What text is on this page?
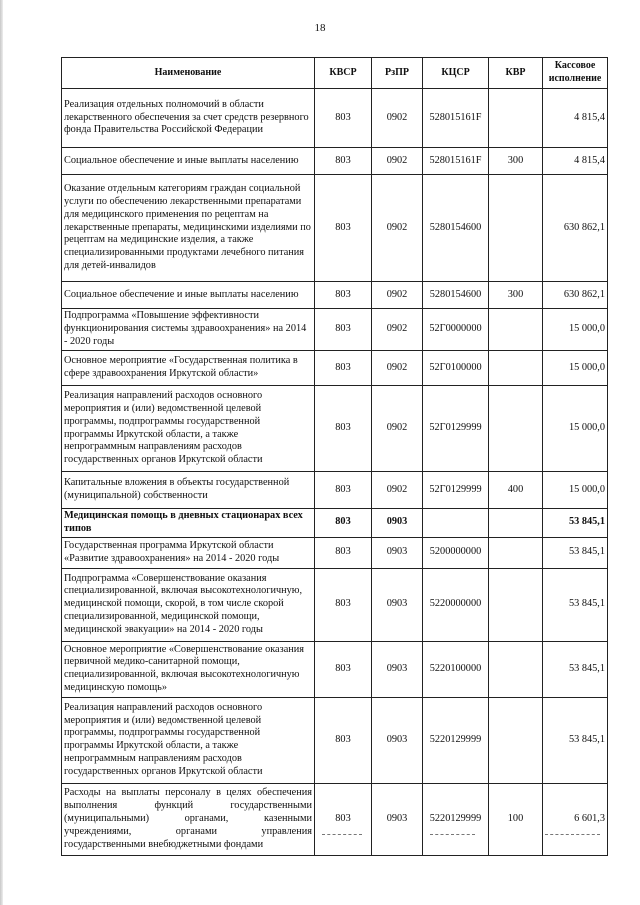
18
Наименование	КВСР	РзПР	КЦСР	КВР	Кассовое исполнение
Реализация отдельных полномочий в области лекарственного обеспечения за счет средств резервного фонда Правительства Российской Федерации	803	0902	528015161F		4 815,4
Социальное обеспечение и иные выплаты населению	803	0902	528015161F	300	4 815,4
Оказание отдельным категориям граждан социальной услуги по обеспечению лекарственными препаратами для медицинского применения по рецептам на лекарственные препараты, медицинскими изделиями по рецептам на медицинские изделия, а также специализированными продуктами лечебного питания для детей-инвалидов	803	0902	5280154600		630 862,1
Социальное обеспечение и иные выплаты населению	803	0902	5280154600	300	630 862,1
Подпрограмма «Повышение эффективности функционирования системы здравоохранения» на 2014 - 2020 годы	803	0902	52Г0000000		15 000,0
Основное мероприятие «Государственная политика в сфере здравоохранения Иркутской области»	803	0902	52Г0100000		15 000,0
Реализация направлений расходов основного мероприятия и (или) ведомственной целевой программы, подпрограммы государственной программы Иркутской области, а также непрограммным направлениям расходов государственных органов Иркутской области	803	0902	52Г0129999		15 000,0
Капитальные вложения в объекты государственной (муниципальной) собственности	803	0902	52Г0129999	400	15 000,0
Медицинская помощь в дневных стационарах всех типов	803	0903			53 845,1
Государственная программа Иркутской области «Развитие здравоохранения» на 2014 - 2020 годы	803	0903	5200000000		53 845,1
Подпрограмма «Совершенствование оказания специализированной, включая высокотехнологичную, медицинской помощи, скорой, в том числе скорой специализированной, медицинской помощи, медицинской эвакуации» на 2014 - 2020 годы	803	0903	5220000000		53 845,1
Основное мероприятие «Совершенствование оказания первичной медико-санитарной помощи, специализированной, включая высокотехнологичную медицинскую помощь»	803	0903	5220100000		53 845,1
Реализация направлений расходов основного мероприятия и (или) ведомственной целевой программы, подпрограммы государственной программы Иркутской области, а также непрограммным направлениям расходов государственных органов Иркутской области	803	0903	5220129999		53 845,1
Расходы на выплаты персоналу в целях обеспечения выполнения функций государственными (муниципальными) органами, казенными учреждениями, органами управления государственными внебюджетными фондами	803	0903	5220129999	100	6 601,3
